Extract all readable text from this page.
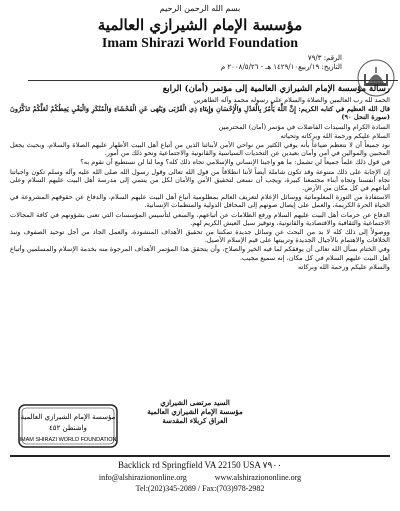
بسم الله الرحمن الرحيم
مؤسسة الإمام الشيرازي العالمية
Imam Shirazi World Foundation
الرقم: ٧٩/٣
التاريخ: ١٩/ربيع١٤٢٩/١٠ هـ - ٢٠٠٨/٥/٢٦ م
رسالة مؤسسة الإمام الشيرازي العالمية إلى مؤتمر (أمان) الرابع

الحمد لله رب العالمين والصلاة والسلام على رسوله محمد وآله الطاهرين

قال الله العظيم في كتابه الكريم: إِنَّ اللَّهَ يَأْمُرُ بِالْعَدْلِ وَالْإِحْسَانِ وَإِيتَاءِ ذِي الْقُرْبَى وَيَنْهَى عَنِ الْفَحْشَاءِ وَالْمُنْكَرِ وَالْبَغْيِ يَعِظُكُمْ لَعَلَّكُمْ تَذَكَّرُونَ (سورة النحل ٩٠)

السادة الكرام والسيدات الفاضلات في مؤتمر (أمان) المحترمين

السلام عليكم ورحمة الله وبركاته وتحياته

نود جميعاً أن لا نتعظم ضياعاً بأنه يوفي الكثير من نواحي الأمن لأبنائنا الذين من أتباع أهل البيت الأطهار عليهم الصلاة والسلام، وبحيث يجعل المحبين والموالين في أمن وأمان بعيدين عن التحديات السياسية والقانونية والاجتماعية ونحو ذلك من أمور.

في قول ذلك علماً جميعاً لن تشمل: ما هو واجبنا الإنساني والإسلامي تجاه ذلك كله؟ وما لنا لن نستطيع أن نقوم به؟

إن الإجابة على ذلك متنوعة وقد تكون شاملة أيضاً لأننا انطلاقاً من قول الله تعالى وقول رسول الله صلى الله عليه وآله وسلم تكون واجباتنا تجاه أنفسنا وتجاه أبناء مجتمعنا كبيرة، ويجب أن نسعى لتحقيق الأمن والأمان لكل من ينتمي إلى مدرسة أهل البيت عليهم السلام وعلى أتباعهم في كل مكان من الأرض.

الاستفادة من الثورة المعلوماتية ووسائل الإعلام لتعريف العالم بمظلومية أتباع أهل البيت عليهم السلام، والدفاع عن حقوقهم المشروعة في الحياة الحرة الكريمة، والعمل على إيصال صوتهم إلى المحافل الدولية والمنظمات الإنسانية.

الدفاع عن حرمات أهل البيت عليهم السلام ورفع الظلامات عن أتباعهم، والسعي لتأسيس المؤسسات التي تعنى بشؤونهم في كافة المجالات الاجتماعية والثقافية والاقتصادية والقانونية، وتوفير سبل العيش الكريم لهم.

ووصولاً إلى ذلك كله لا بد من البحث عن وسائل جديدة تمكننا من تحقيق الأهداف المنشودة، والعمل الجاد من أجل توحيد الصفوف ونبذ الخلافات والاهتمام بالأجيال الجديدة وتربيتها على قيم الإسلام الأصيل.

وفي الختام نسأل الله تعالى أن يوفقكم لما فيه الخير والصلاح، وأن يتحقق هذا المؤتمر الأهداف المرجوة منه بخدمة الإسلام والمسلمين وأتباع أهل البيت عليهم السلام في كل مكان، إنه سميع مجيب.

والسلام عليكم ورحمة الله وبركاته

السيد مرتضى الشيرازي
مؤسسة الإمام الشيرازي العالمية
العراق كربلاء المقدسة
مؤسسة الإمام الشيرازي العالمية
واشنطن ٤٥٢
IMAM SHIRAZI WORLD FOUNDATION
Backlick rd Springfield VA 22150 USA ٧٩٠٠
info@alshiraziononline.org	www.alshiraziononline.org
Tel:(202)345-2089 / Fax:(703)978-2982
